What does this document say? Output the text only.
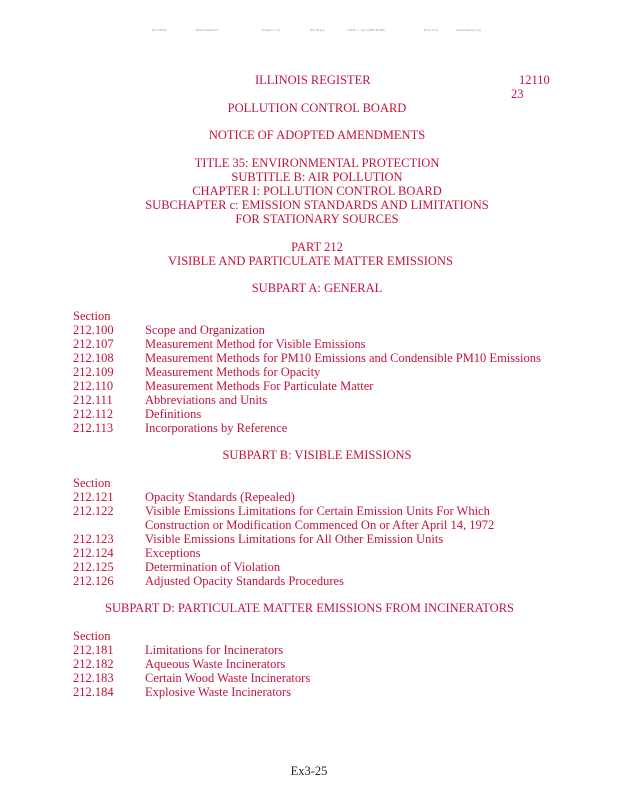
(Ill Admin	(Environmental	(Chapter I a)	(P.C.B.)(a)	(SUB: c, Air) (PDF/HTML)	(Part 212)	(Amendments (a))
ILLINOIS REGISTER	12110
23
POLLUTION CONTROL BOARD
NOTICE OF ADOPTED AMENDMENTS
TITLE 35: ENVIRONMENTAL PROTECTION
SUBTITLE B: AIR POLLUTION
CHAPTER I: POLLUTION CONTROL BOARD
SUBCHAPTER c: EMISSION STANDARDS AND LIMITATIONS
FOR STATIONARY SOURCES
PART 212
VISIBLE AND PARTICULATE MATTER EMISSIONS
SUBPART A: GENERAL
Section
212.100	Scope and Organization
212.107	Measurement Method for Visible Emissions
212.108	Measurement Methods for PM10 Emissions and Condensible PM10 Emissions
212.109	Measurement Methods for Opacity
212.110	Measurement Methods For Particulate Matter
212.111	Abbreviations and Units
212.112	Definitions
212.113	Incorporations by Reference
SUBPART B: VISIBLE EMISSIONS
Section
212.121	Opacity Standards (Repealed)
212.122	Visible Emissions Limitations for Certain Emission Units For Which
Construction or Modification Commenced On or After April 14, 1972
212.123	Visible Emissions Limitations for All Other Emission Units
212.124	Exceptions
212.125	Determination of Violation
212.126	Adjusted Opacity Standards Procedures
SUBPART D: PARTICULATE MATTER EMISSIONS FROM INCINERATORS
Section
212.181	Limitations for Incinerators
212.182	Aqueous Waste Incinerators
212.183	Certain Wood Waste Incinerators
212.184	Explosive Waste Incinerators
Ex3-25
